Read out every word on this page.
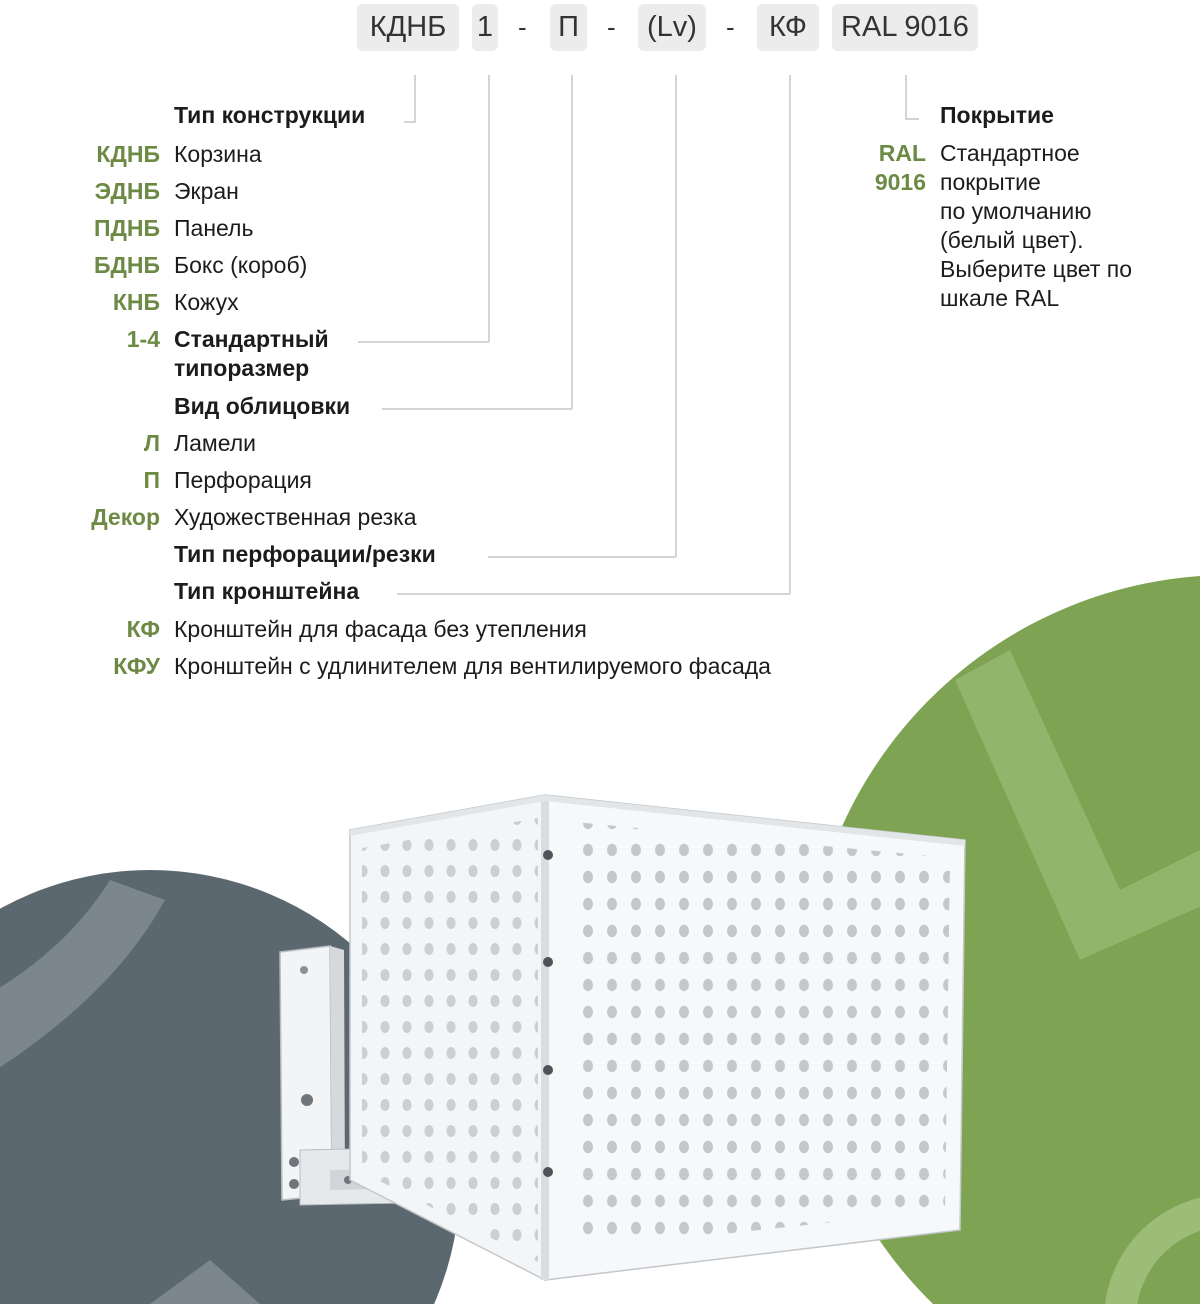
КДНБ	1 - П	-	(Lv)	-	КФ	RAL 9016
Тип конструкции
КДНБ Корзина
ЭДНБ Экран
ПДНБ Панель
БДНБ Бокс (короб)
КНБ Кожух
1-4 Стандартный
типоразмер
Вид облицовки
Л Ламели
П Перфорация
Декор Художественная резка
Тип перфорации/резки
Тип кронштейна
КФ Кронштейн для фасада без утепления
КФУ Кронштейн с удлинителем для вентилируемого фасада
Покрытие
RAL
9016
Стандартное
покрытие
по умолчанию
(белый цвет).
Выберите цвет по
шкале RAL
